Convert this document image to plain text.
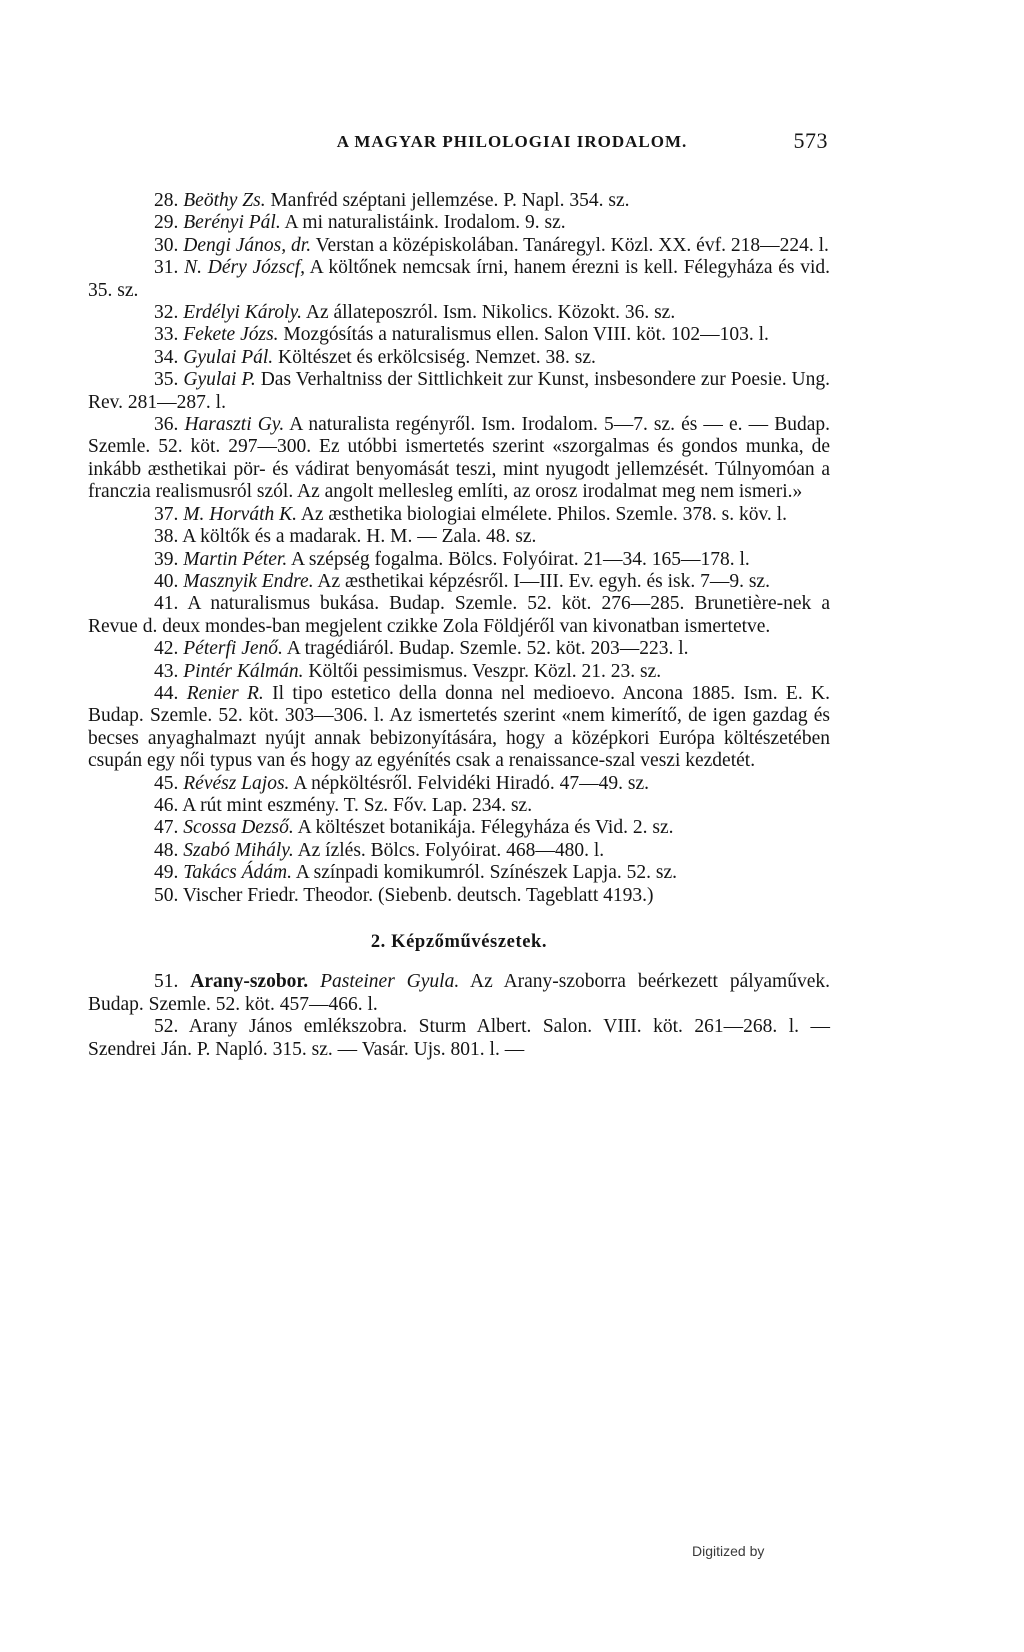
A MAGYAR PHILOLOGIAI IRODALOM.	573

28. Beöthy Zs. Manfréd széptani jellemzése. P. Napl. 354. sz.

29. Berényi Pál. A mi naturalistáink. Irodalom. 9. sz.

30. Dengi János, dr. Verstan a középiskolában. Tanáregyl. Közl. XX. évf. 218—224. l.

31. N. Déry Józscf, A költőnek nemcsak írni, hanem érezni is kell. Félegyháza és vid. 35. sz.

32. Erdélyi Károly. Az állateposzról. Ism. Nikolics. Közokt. 36. sz.

33. Fekete Józs. Mozgósítás a naturalismus ellen. Salon VIII. köt. 102—103. l.

34. Gyulai Pál. Költészet és erkölcsiség. Nemzet. 38. sz.

35. Gyulai P. Das Verhaltniss der Sittlichkeit zur Kunst, insbesondere zur Poesie. Ung. Rev. 281—287. l.

36. Haraszti Gy. A naturalista regényről. Ism. Irodalom. 5—7. sz. és — e. — Budap. Szemle. 52. köt. 297—300. Ez utóbbi ismertetés szerint «szorgalmas és gondos munka, de inkább æsthetikai pör- és vádirat benyomását teszi, mint nyugodt jellemzését. Túlnyomóan a franczia realismusról szól. Az angolt mellesleg említi, az orosz irodalmat meg nem ismeri.»

37. M. Horváth K. Az æsthetika biologiai elmélete. Philos. Szemle. 378. s. köv. l.

38. A költők és a madarak. H. M. — Zala. 48. sz.

39. Martin Péter. A szépség fogalma. Bölcs. Folyóirat. 21—34. 165—178. l.

40. Masznyik Endre. Az æsthetikai képzésről. I—III. Ev. egyh. és isk. 7—9. sz.

41. A naturalismus bukása. Budap. Szemle. 52. köt. 276—285. Brunetière-nek a Revue d. deux mondes-ban megjelent czikke Zola Földjéről van kivonatban ismertetve.

42. Péterfi Jenő. A tragédiáról. Budap. Szemle. 52. köt. 203—223. l.

43. Pintér Kálmán. Költői pessimismus. Veszpr. Közl. 21. 23. sz.

44. Renier R. Il tipo estetico della donna nel medioevo. Ancona 1885. Ism. E. K. Budap. Szemle. 52. köt. 303—306. l. Az ismertetés szerint «nem kimerítő, de igen gazdag és becses anyaghalmazt nyújt annak bebizonyítására, hogy a középkori Európa költészetében csupán egy női typus van és hogy az egyénítés csak a renaissance-szal veszi kezdetét.

45. Révész Lajos. A népköltésről. Felvidéki Hiradó. 47—49. sz.

46. A rút mint eszmény. T. Sz. Főv. Lap. 234. sz.

47. Scossa Dezső. A költészet botanikája. Félegyháza és Vid. 2. sz.

48. Szabó Mihály. Az ízlés. Bölcs. Folyóirat. 468—480. l.

49. Takács Ádám. A színpadi komikumról. Színészek Lapja. 52. sz.

50. Vischer Friedr. Theodor. (Siebenb. deutsch. Tageblatt 4193.)

2. Képzőművészetek.

51. Arany-szobor. Pasteiner Gyula. Az Arany-szoborra beérkezett pályaművek. Budap. Szemle. 52. köt. 457—466. l.

52. Arany János emlékszobra. Sturm Albert. Salon. VIII. köt. 261—268. l. — Szendrei Ján. P. Napló. 315. sz. — Vasár. Ujs. 801. l. —

Digitized by
